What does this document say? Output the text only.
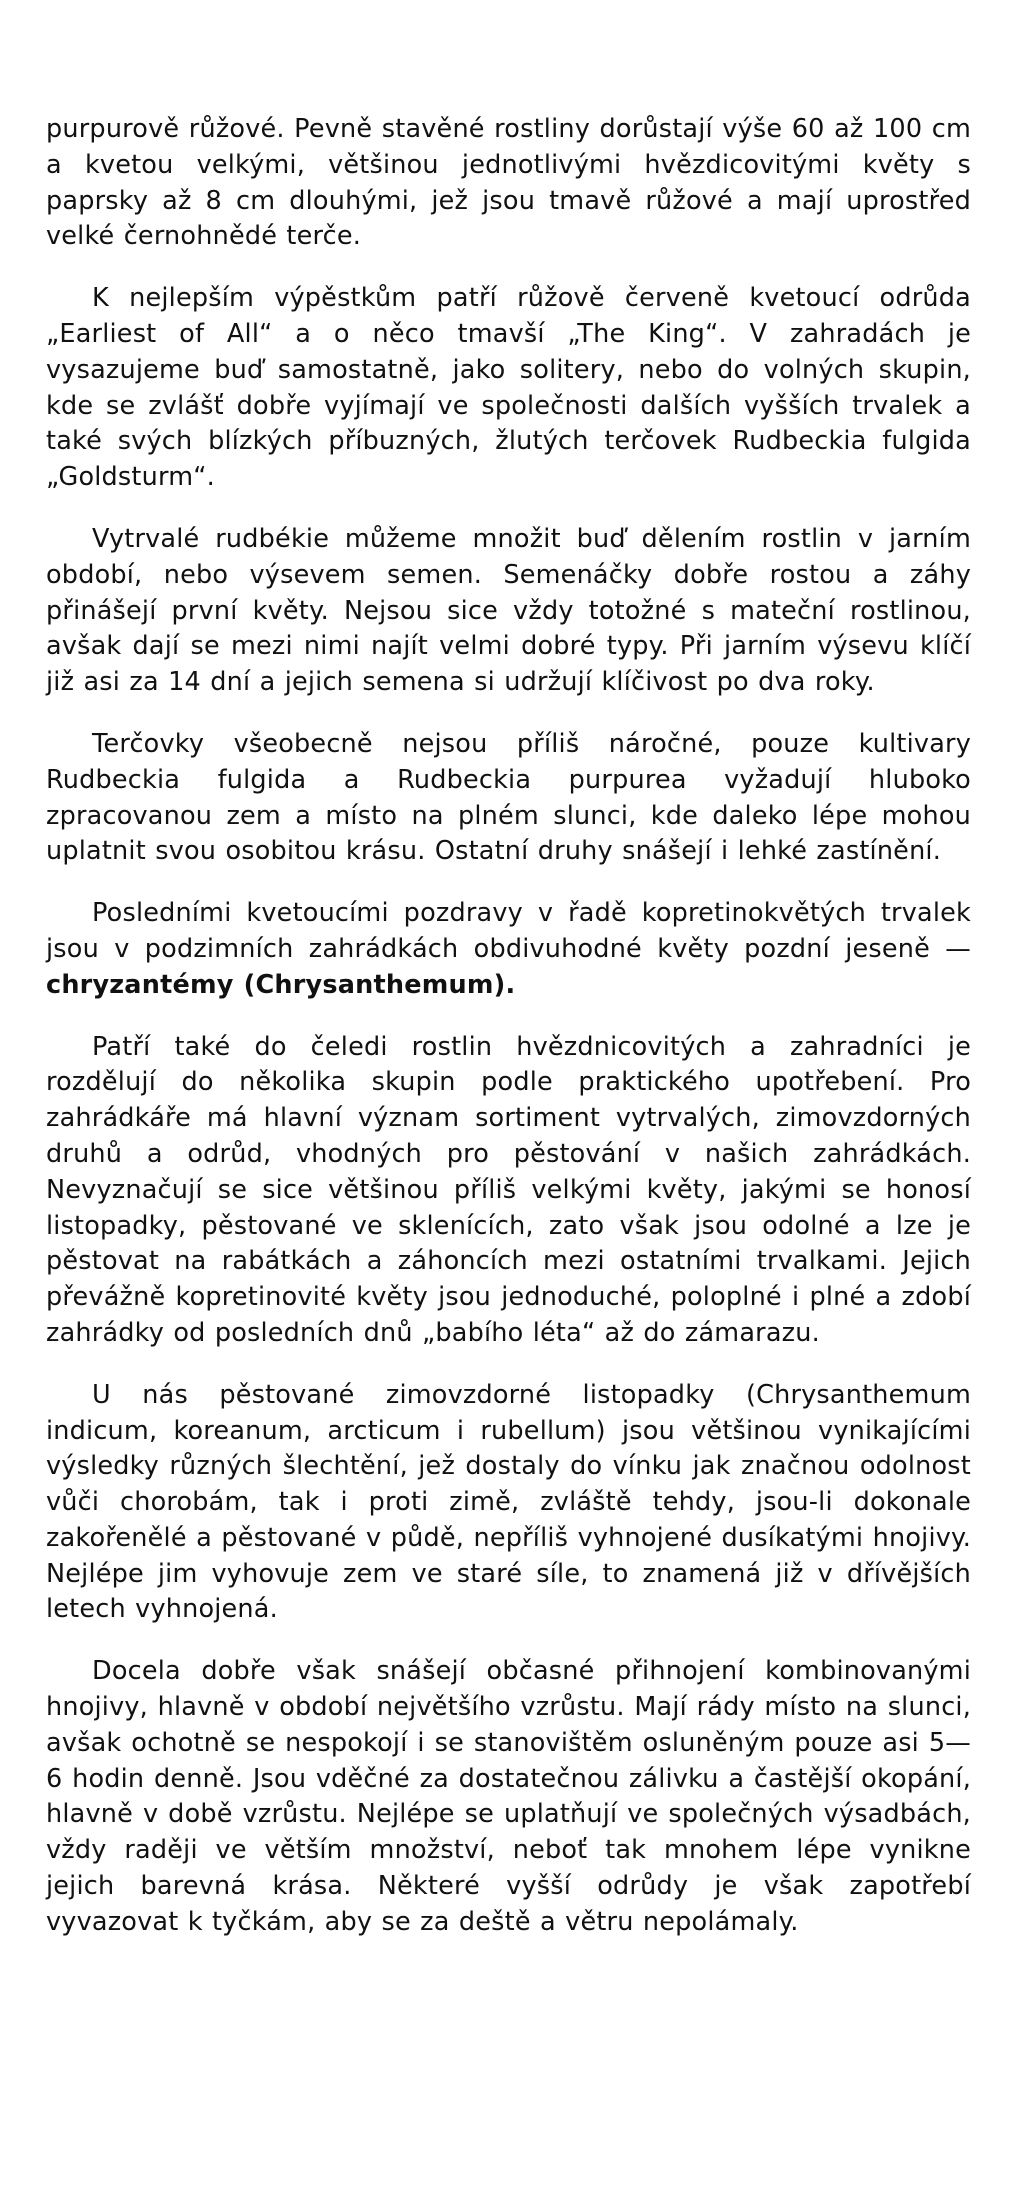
purpurově růžové. Pevně stavěné rostliny dorůstají výše 60 až 100 cm a kvetou velkými, většinou jednotlivými hvězdicovitými květy s paprsky až 8 cm dlouhými, jež jsou tmavě růžové a mají uprostřed velké černohnědé terče.

K nejlepším výpěstkům patří růžově červeně kvetoucí odrůda „Earliest of All“ a o něco tmavší „The King“. V zahradách je vysazujeme buď samostatně, jako solitery, nebo do volných skupin, kde se zvlášť dobře vyjímají ve společnosti dalších vyšších trvalek a také svých blízkých příbuzných, žlutých terčovek Rudbeckia fulgida „Goldsturm“.

Vytrvalé rudbékie můžeme množit buď dělením rostlin v jarním období, nebo výsevem semen. Semenáčky dobře rostou a záhy přinášejí první květy. Nejsou sice vždy totožné s mateční rostlinou, avšak dají se mezi nimi najít velmi dobré typy. Při jarním výsevu klíčí již asi za 14 dní a jejich semena si udržují klíčivost po dva roky.

Terčovky všeobecně nejsou příliš náročné, pouze kultivary Rudbeckia fulgida a Rudbeckia purpurea vyžadují hluboko zpracovanou zem a místo na plném slunci, kde daleko lépe mohou uplatnit svou osobitou krásu. Ostatní druhy snášejí i lehké zastínění.

Posledními kvetoucími pozdravy v řadě kopretinokvětých trvalek jsou v podzimních zahrádkách obdivuhodné květy pozdní jeseně — chryzantémy (Chrysanthemum).

Patří také do čeledi rostlin hvězdnicovitých a zahradníci je rozdělují do několika skupin podle praktického upotřebení. Pro zahrádkáře má hlavní význam sortiment vytrvalých, zimovzdorných druhů a odrůd, vhodných pro pěstování v našich zahrádkách. Nevyznačují se sice většinou příliš velkými květy, jakými se honosí listopadky, pěstované ve sklenících, zato však jsou odolné a lze je pěstovat na rabátkách a záhoncích mezi ostatními trvalkami. Jejich převážně kopretinovité květy jsou jednoduché, poloplné i plné a zdobí zahrádky od posledních dnů „babího léta“ až do zámarazu.

U nás pěstované zimovzdorné listopadky (Chrysanthemum indicum, koreanum, arcticum i rubellum) jsou většinou vynikajícími výsledky různých šlechtění, jež dostaly do vínku jak značnou odolnost vůči chorobám, tak i proti zimě, zvláště tehdy, jsou-li dokonale zakořenělé a pěstované v půdě, nepříliš vyhnojené dusíkatými hnojivy. Nejlépe jim vyhovuje zem ve staré síle, to znamená již v dřívějších letech vyhnojená.

Docela dobře však snášejí občasné přihnojení kombinovanými hnojivy, hlavně v období největšího vzrůstu. Mají rády místo na slunci, avšak ochotně se nespokojí i se stanovištěm osluněným pouze asi 5—6 hodin denně. Jsou vděčné za dostatečnou zálivku a častější okopání, hlavně v době vzrůstu. Nejlépe se uplatňují ve společných výsadbách, vždy raději ve větším množství, neboť tak mnohem lépe vynikne jejich barevná krása. Některé vyšší odrůdy je však zapotřebí vyvazovat k tyčkám, aby se za deště a větru nepolámaly.
